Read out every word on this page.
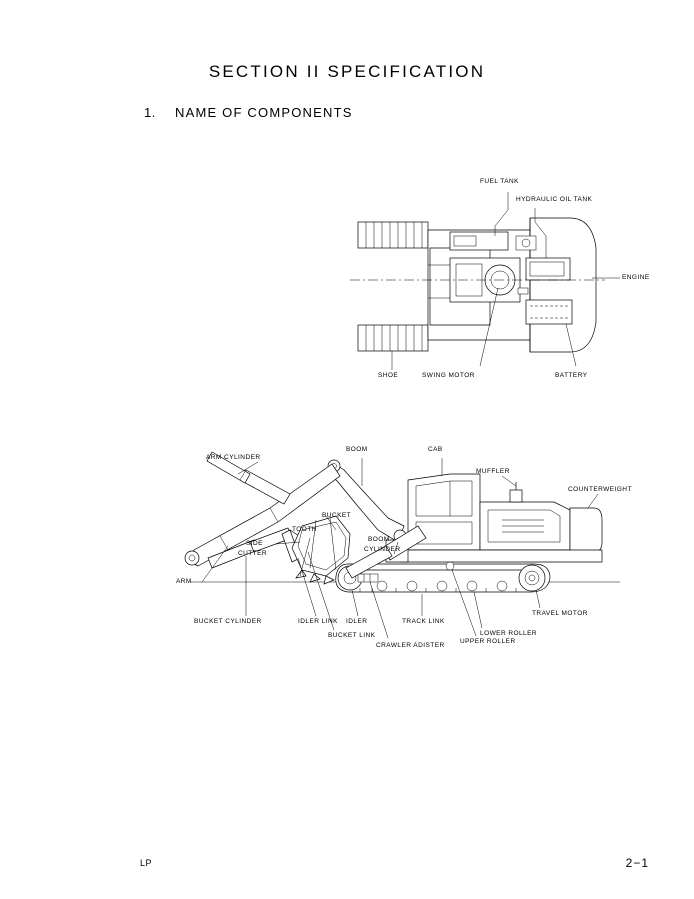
SECTION II SPECIFICATION
1. NAME OF COMPONENTS
FUEL TANK
HYDRAULIC OIL TANK
ENGINE
SHOE	SWING MOTOR	BATTERY
BOOM	CAB
MUFFLER
COUNTERWEIGHT
ARM CYLINDER
BUCKET
TOOTH
SIDE
CUTTER
BOOM
CYLINDER
ARM
BUCKET CYLINDER	IDLER LINK IDLER	TRACK LINK
TRAVEL MOTOR
BUCKET LINK	LOWER ROLLER
CRAWLER ADISTER
UPPER ROLLER
LP	2−1
